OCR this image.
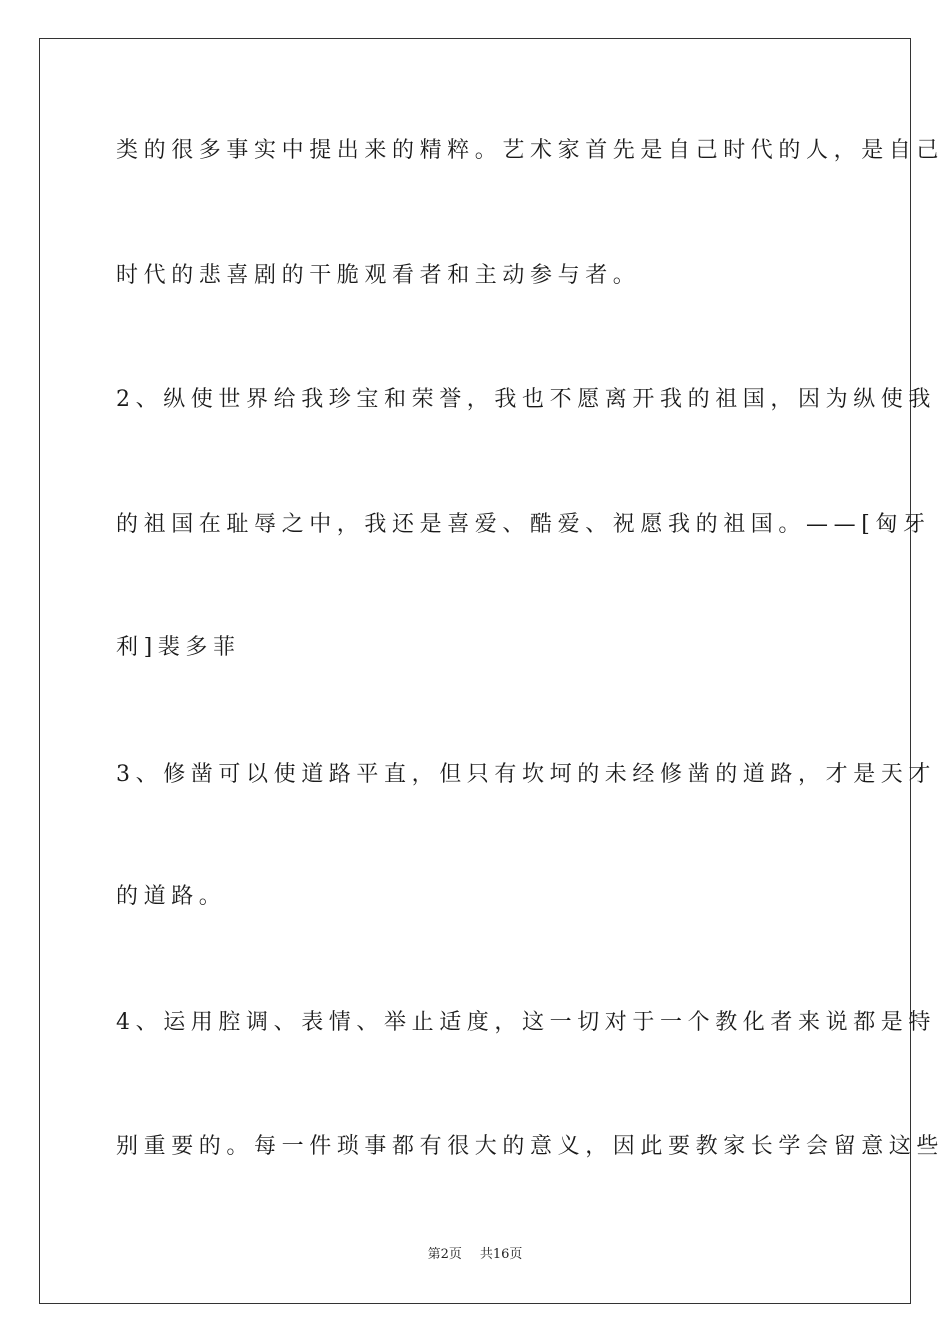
类的很多事实中提出来的精粹。艺术家首先是自己时代的人，是自己
时代的悲喜剧的干脆观看者和主动参与者。
2、纵使世界给我珍宝和荣誉，我也不愿离开我的祖国，因为纵使我
的祖国在耻辱之中，我还是喜爱、酷爱、祝愿我的祖国。——[匈牙
利]裴多菲
3、修凿可以使道路平直，但只有坎坷的未经修凿的道路，才是天才
的道路。
4、运用腔调、表情、举止适度，这一切对于一个教化者来说都是特
别重要的。每一件琐事都有很大的意义，因此要教家长学会留意这些
第2页 共16页
